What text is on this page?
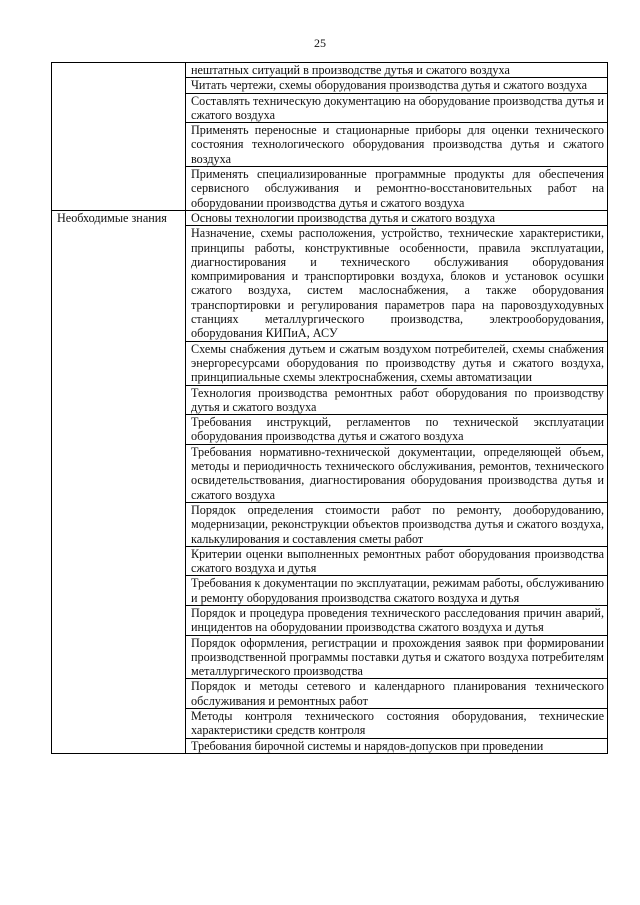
25
	нештатных ситуаций в производстве дутья и сжатого воздуха
	Читать чертежи, схемы оборудования производства дутья и сжатого воздуха
	Составлять техническую документацию на оборудование производства дутья и сжатого воздуха
	Применять переносные и стационарные приборы для оценки технического состояния технологического оборудования производства дутья и сжатого воздуха
	Применять специализированные программные продукты для обеспечения сервисного обслуживания и ремонтно-восстановительных работ на оборудовании производства дутья и сжатого воздуха
Необходимые знания	Основы технологии производства дутья и сжатого воздуха
	Назначение, схемы расположения, устройство, технические характеристики, принципы работы, конструктивные особенности, правила эксплуатации, диагностирования и технического обслуживания оборудования компримирования и транспортировки воздуха, блоков и установок осушки сжатого воздуха, систем маслоснабжения, а также оборудования транспортировки и регулирования параметров пара на паровоздуходувных станциях металлургического производства, электрооборудования, оборудования КИПиА, АСУ
	Схемы снабжения дутьем и сжатым воздухом потребителей, схемы снабжения энергоресурсами оборудования по производству дутья и сжатого воздуха, принципиальные схемы электроснабжения, схемы автоматизации
	Технология производства ремонтных работ оборудования по производству дутья и сжатого воздуха
	Требования инструкций, регламентов по технической эксплуатации оборудования производства дутья и сжатого воздуха
	Требования нормативно-технической документации, определяющей объем, методы и периодичность технического обслуживания, ремонтов, технического освидетельствования, диагностирования оборудования производства дутья и сжатого воздуха
	Порядок определения стоимости работ по ремонту, дооборудованию, модернизации, реконструкции объектов производства дутья и сжатого воздуха, калькулирования и составления сметы работ
	Критерии оценки выполненных ремонтных работ оборудования производства сжатого воздуха и дутья
	Требования к документации по эксплуатации, режимам работы, обслуживанию и ремонту оборудования производства сжатого воздуха и дутья
	Порядок и процедура проведения технического расследования причин аварий, инцидентов на оборудовании производства сжатого воздуха и дутья
	Порядок оформления, регистрации и прохождения заявок при формировании производственной программы поставки дутья и сжатого воздуха потребителям металлургического производства
	Порядок и методы сетевого и календарного планирования технического обслуживания и ремонтных работ
	Методы контроля технического состояния оборудования, технические характеристики средств контроля
	Требования бирочной системы и нарядов-допусков при проведении
